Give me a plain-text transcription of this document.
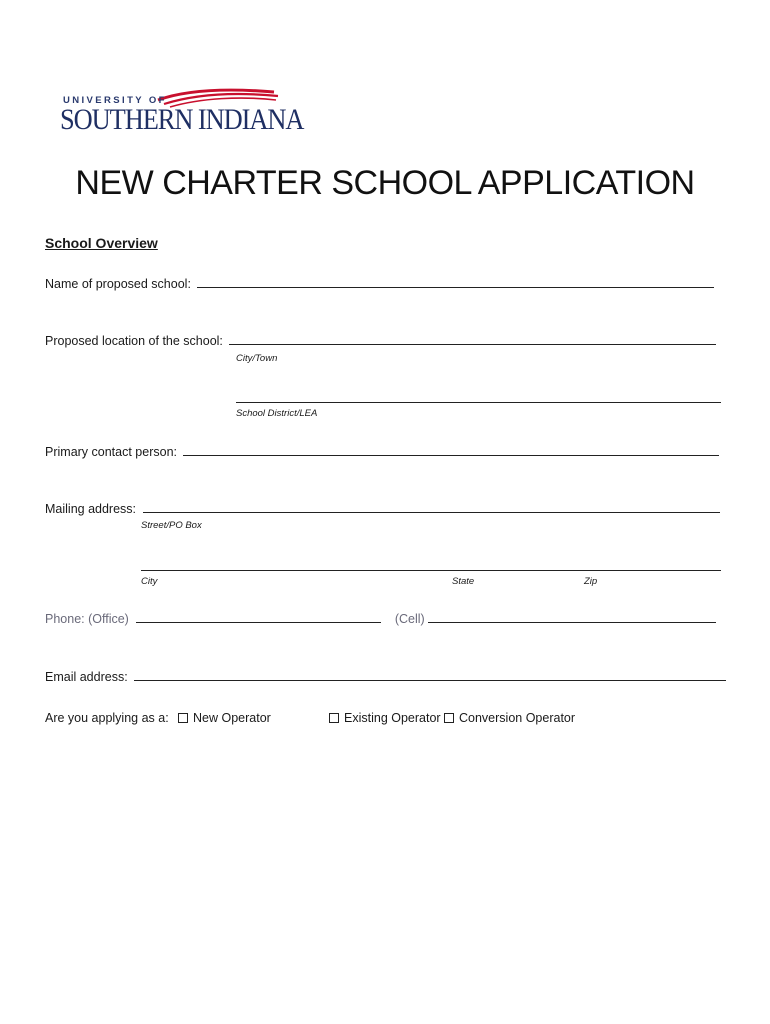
UNIVERSITY OF
SOUTHERN INDIANA
NEW CHARTER SCHOOL APPLICATION
School Overview
Name of proposed school:
Proposed location of the school:
City/Town
School District/LEA
Primary contact person:
Mailing address:
Street/PO Box
City	State	Zip
Phone: (Office)	(Cell)
Email address:
Are you applying as a:	New Operator	Existing Operator	Conversion Operator
